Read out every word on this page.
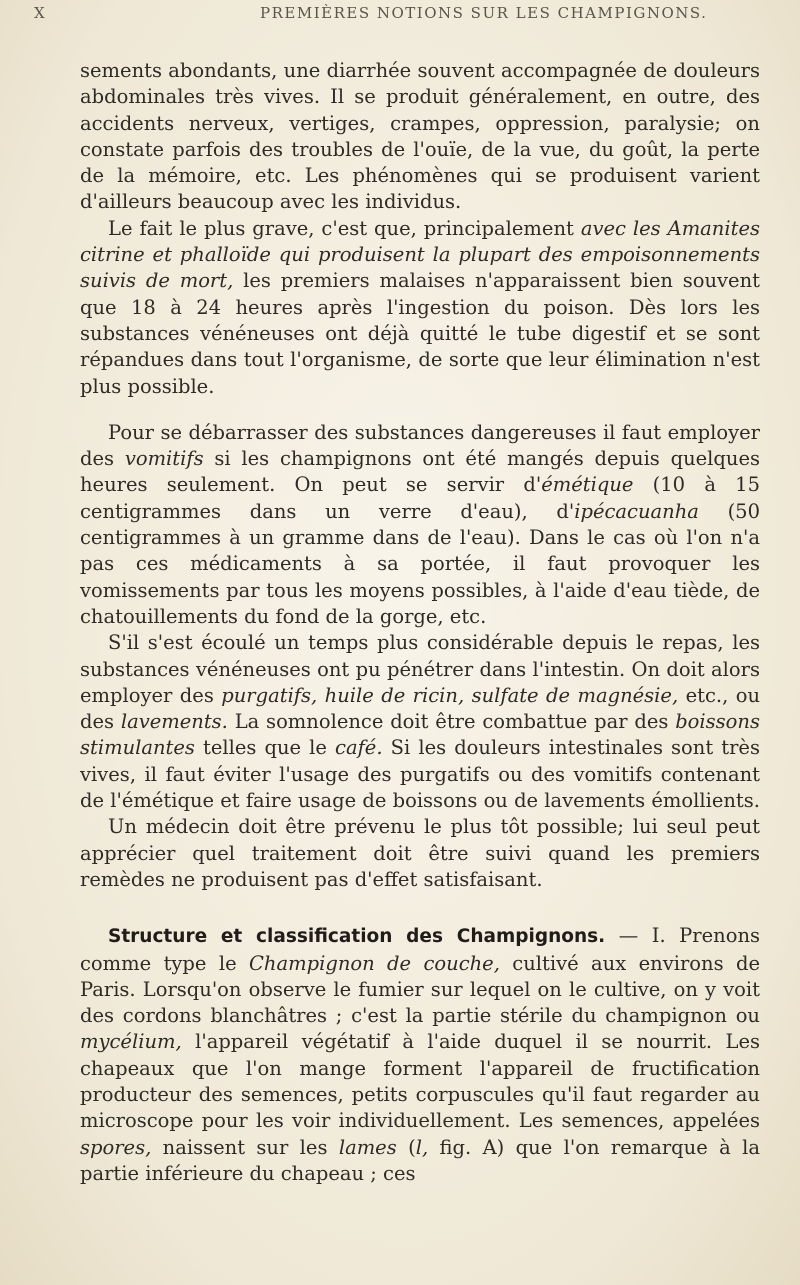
X	PREMIÈRES NOTIONS SUR LES CHAMPIGNONS.

sements abondants, une diarrhée souvent accompagnée de douleurs abdominales très vives. Il se produit généralement, en outre, des accidents nerveux, vertiges, crampes, oppression, paralysie; on constate parfois des troubles de l'ouïe, de la vue, du goût, la perte de la mémoire, etc. Les phénomènes qui se produisent varient d'ailleurs beaucoup avec les individus.

Le fait le plus grave, c'est que, principalement avec les Amanites citrine et phalloïde qui produisent la plupart des empoisonnements suivis de mort, les premiers malaises n'apparaissent bien souvent que 18 à 24 heures après l'ingestion du poison. Dès lors les substances vénéneuses ont déjà quitté le tube digestif et se sont répandues dans tout l'organisme, de sorte que leur élimination n'est plus possible.

Pour se débarrasser des substances dangereuses il faut employer des vomitifs si les champignons ont été mangés depuis quelques heures seulement. On peut se servir d'émétique (10 à 15 centigrammes dans un verre d'eau), d'ipécacuanha (50 centigrammes à un gramme dans de l'eau). Dans le cas où l'on n'a pas ces médicaments à sa portée, il faut provoquer les vomissements par tous les moyens possibles, à l'aide d'eau tiède, de chatouillements du fond de la gorge, etc.

S'il s'est écoulé un temps plus considérable depuis le repas, les substances vénéneuses ont pu pénétrer dans l'intestin. On doit alors employer des purgatifs, huile de ricin, sulfate de magnésie, etc., ou des lavements. La somnolence doit être combattue par des boissons stimulantes telles que le café. Si les douleurs intestinales sont très vives, il faut éviter l'usage des purgatifs ou des vomitifs contenant de l'émétique et faire usage de boissons ou de lavements émollients.

Un médecin doit être prévenu le plus tôt possible; lui seul peut apprécier quel traitement doit être suivi quand les premiers remèdes ne produisent pas d'effet satisfaisant.

Structure et classification des Champignons. — I. Prenons comme type le Champignon de couche, cultivé aux environs de Paris. Lorsqu'on observe le fumier sur lequel on le cultive, on y voit des cordons blanchâtres ; c'est la partie stérile du champignon ou mycélium, l'appareil végétatif à l'aide duquel il se nourrit. Les chapeaux que l'on mange forment l'appareil de fructification producteur des semences, petits corpuscules qu'il faut regarder au microscope pour les voir individuellement. Les semences, appelées spores, naissent sur les lames (l, fig. A) que l'on remarque à la partie inférieure du chapeau ; ces
